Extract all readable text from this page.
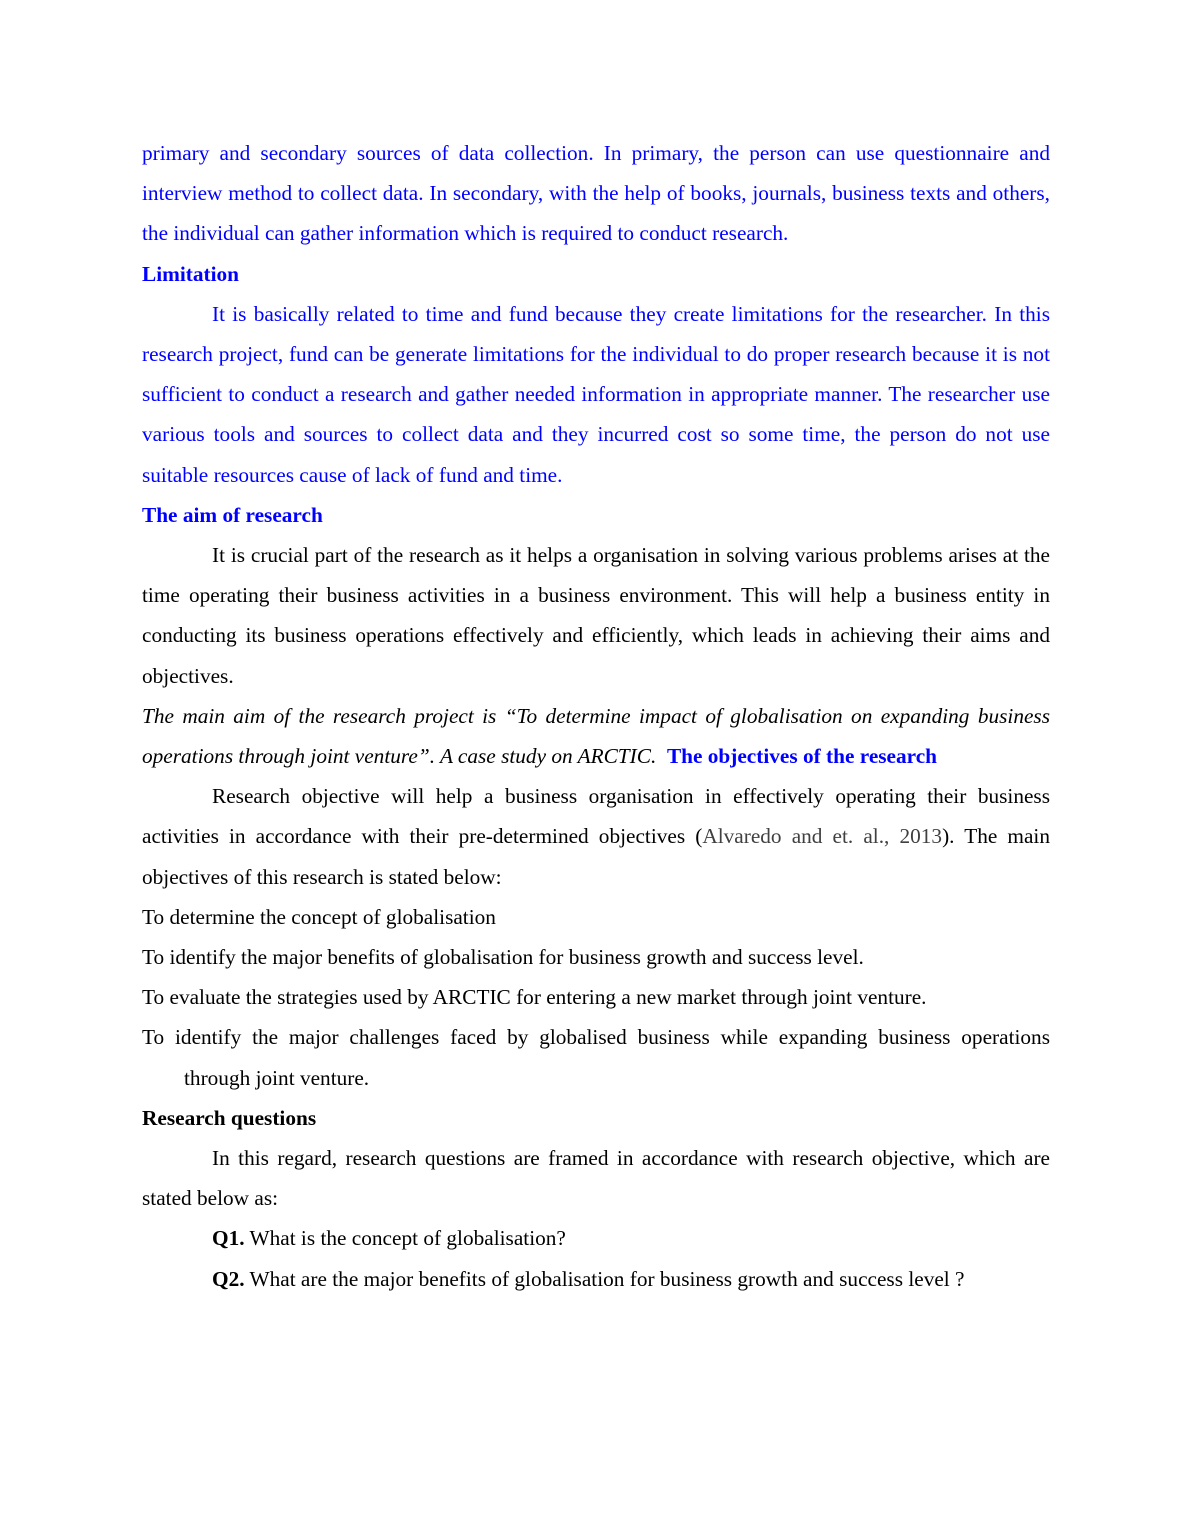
primary and secondary sources of data collection. In primary, the person can use questionnaire and interview method to collect data. In secondary, with the help of books, journals, business texts and others, the individual can gather information which is required to conduct research.

Limitation

It is basically related to time and fund because they create limitations for the researcher. In this research project, fund can be generate limitations for the individual to do proper research because it is not sufficient to conduct a research and gather needed information in appropriate manner. The researcher use various tools and sources to collect data and they incurred cost so some time, the person do not use suitable resources cause of lack of fund and time.

The aim of research

It is crucial part of the research as it helps a organisation in solving various problems arises at the time operating their business activities in a business environment. This will help a business entity in conducting its business operations effectively and efficiently, which leads in achieving their aims and objectives.

The main aim of the research project is “To determine impact of globalisation on expanding business operations through joint venture”. A case study on ARCTIC. The objectives of the research

Research objective will help a business organisation in effectively operating their business activities in accordance with their pre-determined objectives (Alvaredo and et. al., 2013). The main objectives of this research is stated below:

To determine the concept of globalisation

To identify the major benefits of globalisation for business growth and success level.

To evaluate the strategies used by ARCTIC for entering a new market through joint venture.

To identify the major challenges faced by globalised business while expanding business operations through joint venture.

Research questions

In this regard, research questions are framed in accordance with research objective, which are stated below as:

Q1. What is the concept of globalisation?

Q2. What are the major benefits of globalisation for business growth and success level ?
